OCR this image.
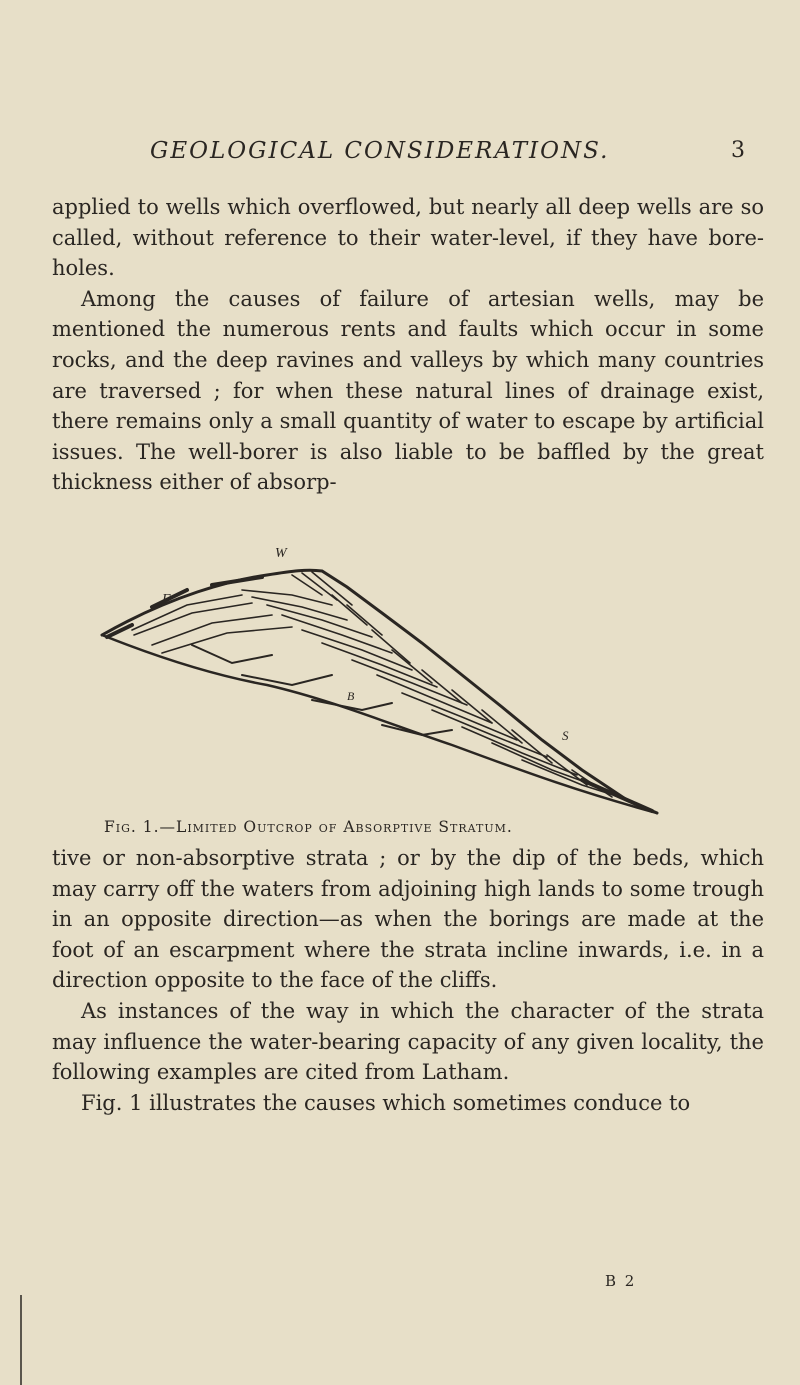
GEOLOGICAL CONSIDERATIONS.	3

applied to wells which overflowed, but nearly all deep wells are so called, without reference to their water-level, if they have bore-holes.

Among the causes of failure of artesian wells, may be mentioned the numerous rents and faults which occur in some rocks, and the deep ravines and valleys by which many countries are traversed ; for when these natural lines of drainage exist, there remains only a small quantity of water to escape by artificial issues. The well-borer is also liable to be baffled by the great thickness either of absorp-

W
F
B
S
Fig. 1.—Limited Outcrop of Absorptive Stratum.

tive or non-absorptive strata ; or by the dip of the beds, which may carry off the waters from adjoining high lands to some trough in an opposite direction—as when the borings are made at the foot of an escarpment where the strata incline inwards, i.e. in a direction opposite to the face of the cliffs.

As instances of the way in which the character of the strata may influence the water-bearing capacity of any given locality, the following examples are cited from Latham.

Fig. 1 illustrates the causes which sometimes conduce to

B 2
